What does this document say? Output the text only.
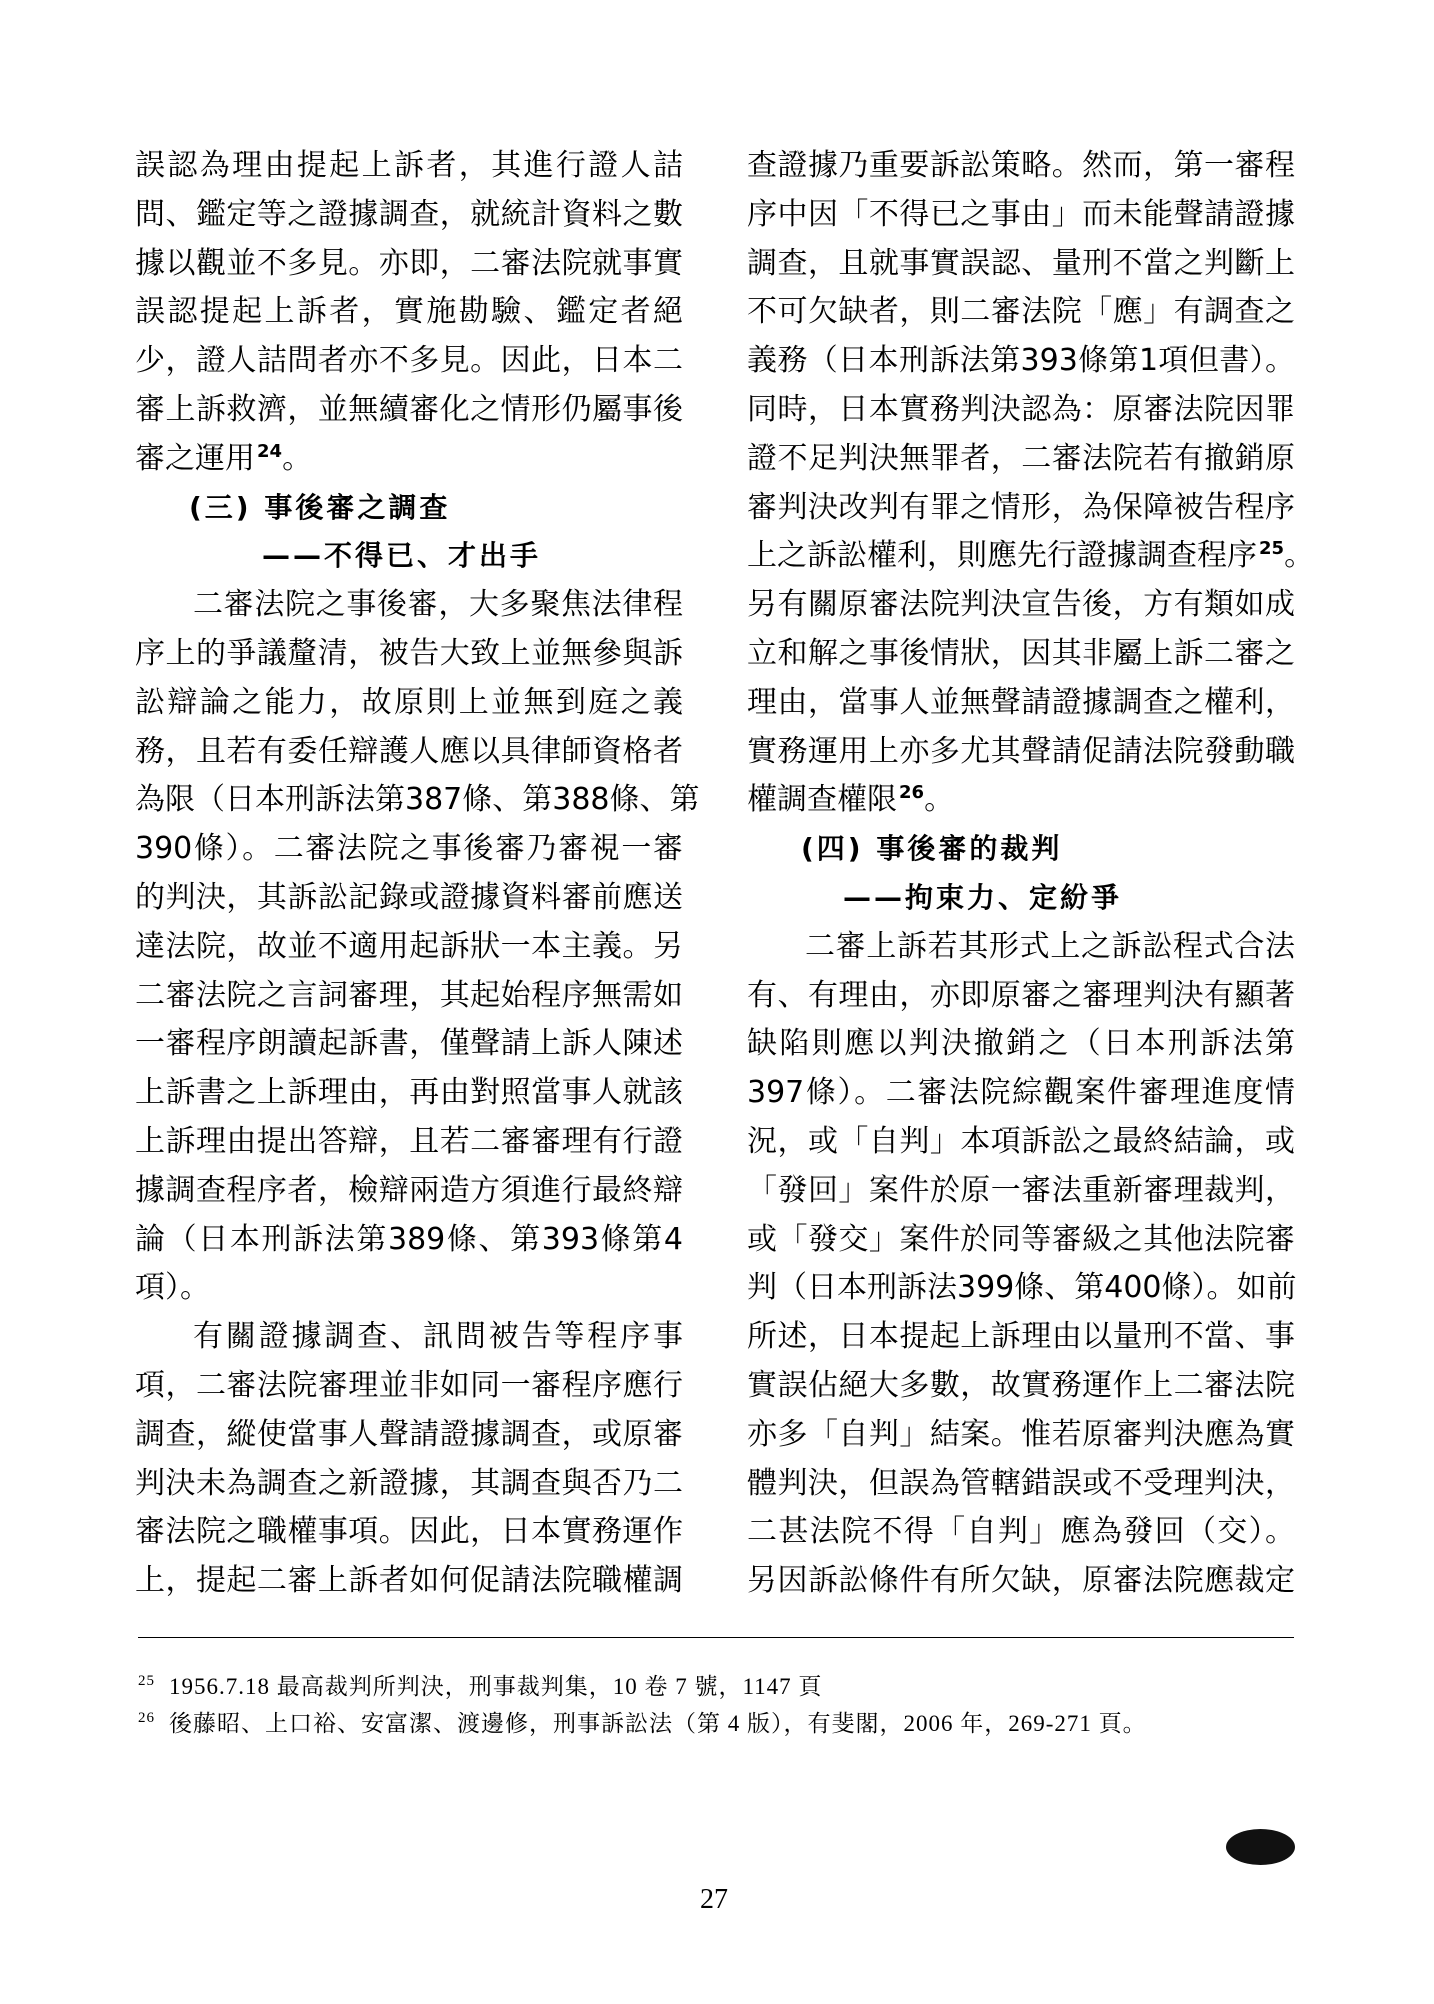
誤認為理由提起上訴者，其進行證人詰
問、鑑定等之證據調查，就統計資料之數
據以觀並不多見。亦即，二審法院就事實
誤認提起上訴者，實施勘驗、鑑定者絕
少，證人詰問者亦不多見。因此，日本二
審上訴救濟，並無續審化之情形仍屬事後
審之運用 $^{24}$。
(三) 事後審之調查
——不得已、才出手
二審法院之事後審，大多聚焦法律程
序上的爭議釐清，被告大致上並無參與訴
訟辯論之能力，故原則上並無到庭之義
務，且若有委任辯護人應以具律師資格者
為限（日本刑訴法第387條、第388條、第
390條）。二審法院之事後審乃審視一審
的判決，其訴訟記錄或證據資料審前應送
達法院，故並不適用起訴狀一本主義。另
二審法院之言詞審理，其起始程序無需如
一審程序朗讀起訴書，僅聲請上訴人陳述
上訴書之上訴理由，再由對照當事人就該
上訴理由提出答辯，且若二審審理有行證
據調查程序者，檢辯兩造方須進行最終辯
論（日本刑訴法第389條、第393條第4
項）。
有關證據調查、訊問被告等程序事
項，二審法院審理並非如同一審程序應行
調查，縱使當事人聲請證據調查，或原審
判決未為調查之新證據，其調查與否乃二
審法院之職權事項。因此，日本實務運作
上，提起二審上訴者如何促請法院職權調
查證據乃重要訴訟策略。然而，第一審程
序中因「不得已之事由」而未能聲請證據
調查，且就事實誤認、量刑不當之判斷上
不可欠缺者，則二審法院「應」有調查之
義務（日本刑訴法第393條第1項但書）。
同時，日本實務判決認為：原審法院因罪
證不足判決無罪者，二審法院若有撤銷原
審判決改判有罪之情形，為保障被告程序
上之訴訟權利，則應先行證據調查程序 $^{25}$。
另有關原審法院判決宣告後，方有類如成
立和解之事後情狀，因其非屬上訴二審之
理由，當事人並無聲請證據調查之權利，
實務運用上亦多尤其聲請促請法院發動職
權調查權限 $^{26}$。
(四) 事後審的裁判
——拘束力、定紛爭
二審上訴若其形式上之訴訟程式合法
有、有理由，亦即原審之審理判決有顯著
缺陷則應以判決撤銷之（日本刑訴法第
397條）。二審法院綜觀案件審理進度情
況，或「自判」本項訴訟之最終結論，或
「發回」案件於原一審法重新審理裁判，
或「發交」案件於同等審級之其他法院審
判（日本刑訴法399條、第400條）。如前
所述，日本提起上訴理由以量刑不當、事
實誤佔絕大多數，故實務運作上二審法院
亦多「自判」結案。惟若原審判決應為實
體判決，但誤為管轄錯誤或不受理判決，
二甚法院不得「自判」應為發回（交）。
另因訴訟條件有所欠缺，原審法院應裁定
25 1956.7.18 最高裁判所判決，刑事裁判集，10 卷 7 號，1147 頁
26 後藤昭、上口裕、安富潔、渡邊修，刑事訴訟法（第 4 版），有斐閣，2006 年，269-271 頁。
27
